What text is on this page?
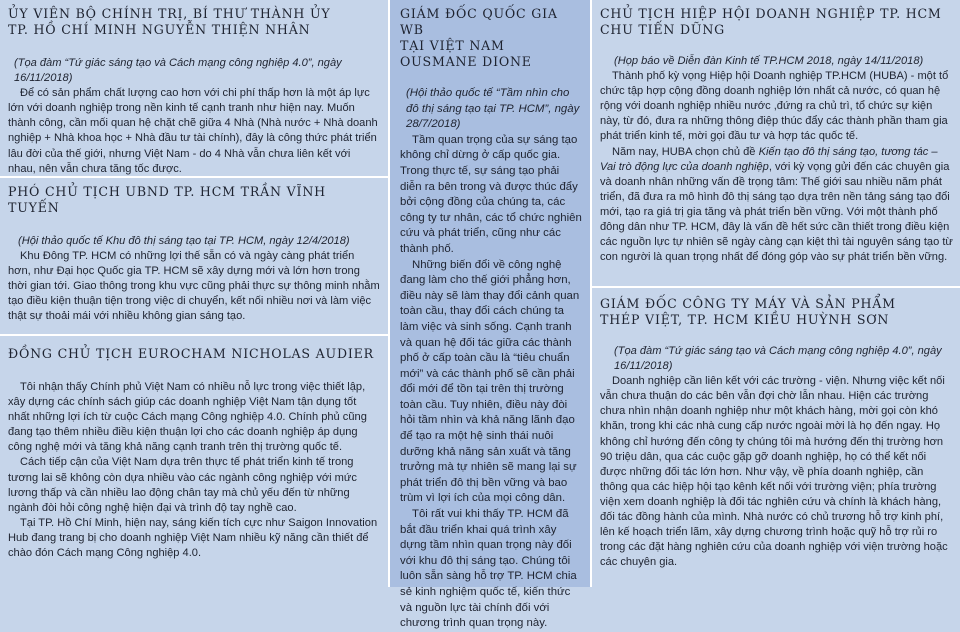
ỦY VIÊN BỘ CHÍNH TRỊ, BÍ THƯ THÀNH ỦY
TP. HỒ CHÍ MINH NGUYỄN THIỆN NHÂN
(Tọa đàm “Tứ giác sáng tạo và Cách mạng công nghiệp 4.0”, ngày 16/11/2018)
Để có sản phẩm chất lượng cao hơn với chi phí thấp hơn là một áp lực lớn với doanh nghiệp trong nền kinh tế cạnh tranh như hiện nay. Muốn thành công, cần mối quan hệ chặt chẽ giữa 4 Nhà (Nhà nước + Nhà doanh nghiệp + Nhà khoa học + Nhà đầu tư tài chính), đây là công thức phát triển lâu đời của thế giới, nhưng Việt Nam - do 4 Nhà vẫn chưa liên kết với nhau, nên vẫn chưa tăng tốc được.
PHÓ CHỦ TỊCH UBND TP. HCM TRẦN VĨNH TUYẾN
(Hội thảo quốc tế Khu đô thị sáng tạo tại TP. HCM, ngày 12/4/2018)
Khu Đông TP. HCM có những lợi thế sẵn có và ngày càng phát triển hơn, như Đại học Quốc gia TP. HCM sẽ xây dựng mới và lớn hơn trong thời gian tới. Giao thông trong khu vực cũng phải thực sự thông minh nhằm tạo điều kiện thuận tiện trong việc di chuyển, kết nối nhiều nơi và làm việc thật sự thoải mái với nhiều không gian sáng tạo.
ĐỒNG CHỦ TỊCH EUROCHAM NICHOLAS AUDIER
Tôi nhận thấy Chính phủ Việt Nam có nhiều nỗ lực trong việc thiết lập, xây dựng các chính sách giúp các doanh nghiệp Việt Nam tận dụng tốt nhất những lợi ích từ cuộc Cách mạng Công nghiệp 4.0. Chính phủ cũng đang tạo thêm nhiều điều kiện thuận lợi cho các doanh nghiệp áp dụng công nghệ mới và tăng khả năng cạnh tranh trên thị trường quốc tế.
Cách tiếp cận của Việt Nam dựa trên thực tế phát triển kinh tế trong tương lai sẽ không còn dựa nhiều vào các ngành công nghiệp với mức lương thấp và cần nhiều lao động chân tay mà chủ yếu đến từ những ngành đòi hỏi công nghệ hiện đại và trình độ tay nghề cao.
Tại TP. Hồ Chí Minh, hiện nay, sáng kiến tích cực như Saigon Innovation Hub đang trang bị cho doanh nghiệp Việt Nam nhiều kỹ năng cần thiết để chào đón Cách mạng Công nghiệp 4.0.
GIÁM ĐỐC QUỐC GIA WB
TẠI VIỆT NAM
OUSMANE DIONE
(Hội thảo quốc tế “Tầm nhìn cho đô thị sáng tạo tại TP. HCM”, ngày 28/7/2018)
Tầm quan trọng của sự sáng tạo không chỉ dừng ở cấp quốc gia. Trong thực tế, sự sáng tạo phải diễn ra bên trong và được thúc đẩy bởi cộng đồng của chúng ta, các công ty tư nhân, các tổ chức nghiên cứu và phát triển, cũng như các thành phố.
Những biến đổi về công nghệ đang làm cho thế giới phẳng hơn, điều này sẽ làm thay đổi cảnh quan toàn cầu, thay đổi cách chúng ta làm việc và sinh sống. Cạnh tranh và quan hệ đối tác giữa các thành phố ở cấp toàn cầu là “tiêu chuẩn mới” và các thành phố sẽ cần phải đổi mới để tồn tại trên thị trường toàn cầu. Tuy nhiên, điều này đòi hỏi tầm nhìn và khả năng lãnh đạo để tạo ra một hệ sinh thái nuôi dưỡng khả năng sản xuất và tăng trưởng mà tự nhiên sẽ mang lại sự phát triển đô thị bền vững và bao trùm vì lợi ích của mọi công dân.
Tôi rất vui khi thấy TP. HCM đã bắt đầu triển khai quá trình xây dựng tầm nhìn quan trọng này đối với khu đô thị sáng tạo. Chúng tôi luôn sẵn sàng hỗ trợ TP. HCM chia sẻ kinh nghiệm quốc tế, kiến thức và nguồn lực tài chính đối với chương trình quan trọng này.
CHỦ TỊCH HIỆP HỘI DOANH NGHIỆP TP. HCM
CHU TIẾN DŨNG
(Họp báo về Diễn đàn Kinh tế TP.HCM 2018, ngày 14/11/2018)
Thành phố kỳ vọng Hiệp hội Doanh nghiệp TP.HCM (HUBA) - một tổ chức tập hợp cộng đồng doanh nghiệp lớn nhất cả nước, có quan hệ rộng với doanh nghiệp nhiều nước ,đứng ra chủ trì, tổ chức sự kiện này, từ đó, đưa ra những thông điệp thúc đẩy các thành phần tham gia phát triển kinh tế, mời gọi đầu tư và hợp tác quốc tế.
Năm nay, HUBA chọn chủ đề Kiến tạo đô thị sáng tạo, tương tác – Vai trò động lực của doanh nghiệp, với kỳ vọng gửi đến các chuyên gia và doanh nhân những vấn đề trọng tâm: Thế giới sau nhiều năm phát triển, đã đưa ra mô hình đô thị sáng tạo dựa trên nền tảng sáng tạo đổi mới, tạo ra giá trị gia tăng và phát triển bền vững. Với một thành phố đông dân như TP. HCM, đây là vấn đề hết sức cần thiết trong điều kiện các nguồn lực tự nhiên sẽ ngày càng cạn kiệt thì tài nguyên sáng tạo từ con người là quan trọng nhất để đóng góp vào sự phát triển bền vững.
GIÁM ĐỐC CÔNG TY MÁY VÀ SẢN PHẨM
THÉP VIỆT, TP. HCM KIỀU HUỲNH SƠN
(Tọa đàm “Tứ giác sáng tạo và Cách mạng công nghiệp 4.0”, ngày 16/11/2018)
Doanh nghiệp cần liên kết với các trường - viện. Nhưng việc kết nối vẫn chưa thuận do các bên vẫn đợi chờ lẫn nhau. Hiện các trường chưa nhìn nhận doanh nghiệp như một khách hàng, mời gọi còn khó khăn, trong khi các nhà cung cấp nước ngoài mời là họ đến ngay. Họ không chỉ hướng đến công ty chúng tôi mà hướng đến thị trường hơn 90 triệu dân, qua các cuộc gặp gỡ doanh nghiệp, họ có thể kết nối được những đối tác lớn hơn. Như vậy, về phía doanh nghiệp, cần thông qua các hiệp hội tạo kênh kết nối với trường viện; phía trường viện xem doanh nghiệp là đối tác nghiên cứu và chính là khách hàng, đối tác đồng hành của mình. Nhà nước có chủ trương hỗ trợ kinh phí, lên kế hoạch triển lãm, xây dựng chương trình hoặc quỹ hỗ trợ rủi ro trong các đặt hàng nghiên cứu của doanh nghiệp với viện trường hoặc các chuyên gia.
